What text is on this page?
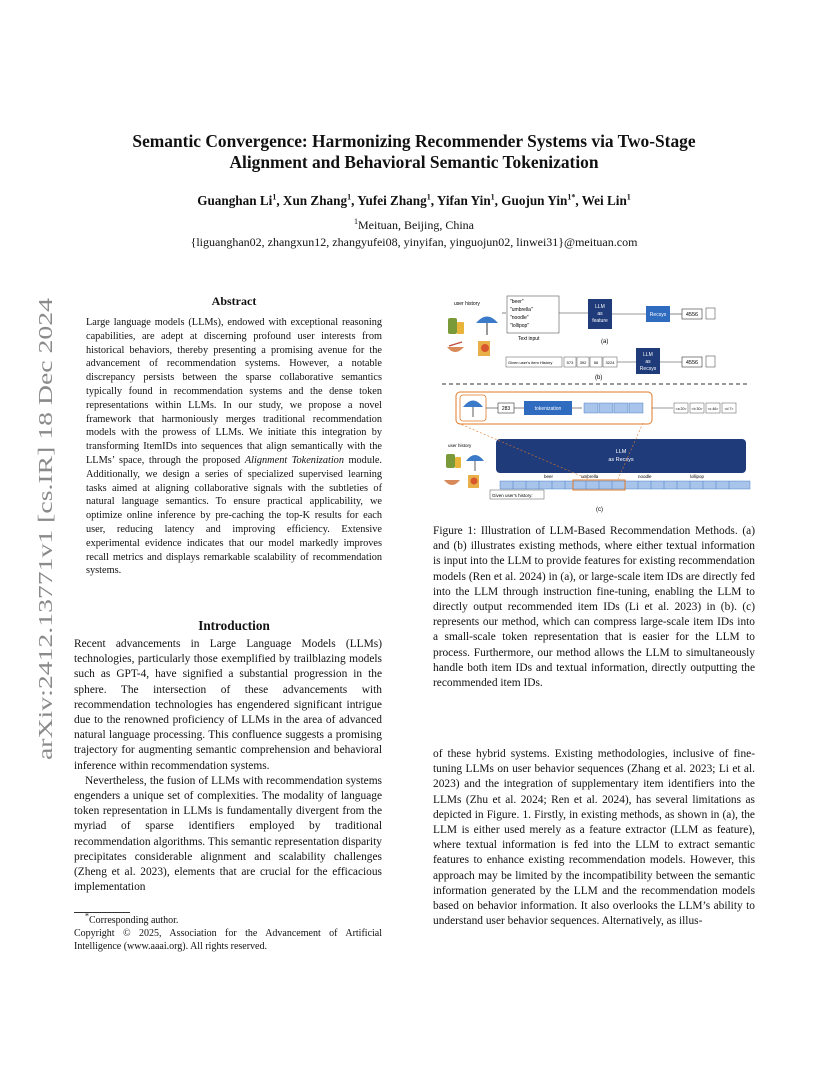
arXiv:2412.13771v1 [cs.IR] 18 Dec 2024
Semantic Convergence: Harmonizing Recommender Systems via Two-Stage
Alignment and Behavioral Semantic Tokenization
Guanghan Li$^1$, Xun Zhang$^1$, Yufei Zhang$^1$, Yifan Yin$^1$, Guojun Yin$^{1*}$, Wei Lin$^1$
$^1$Meituan, Beijing, China
{liguanghan02, zhangxun12, zhangyufei08, yinyifan, yinguojun02, linwei31}@meituan.com
Abstract
Large language models (LLMs), endowed with exceptional reasoning capabilities, are adept at discerning profound user interests from historical behaviors, thereby presenting a promising avenue for the advancement of recommendation systems. However, a notable discrepancy persists between the sparse collaborative semantics typically found in recommendation systems and the dense token representations within LLMs. In our study, we propose a novel framework that harmoniously merges traditional recommendation models with the prowess of LLMs. We initiate this integration by transforming ItemIDs into sequences that align semantically with the LLMs’ space, through the proposed Alignment Tokenization module. Additionally, we design a series of specialized supervised learning tasks aimed at aligning collaborative signals with the subtleties of natural language semantics. To ensure practical applicability, we optimize online inference by pre-caching the top-K results for each user, reducing latency and improving efficiency. Extensive experimental evidence indicates that our model markedly improves recall metrics and displays remarkable scalability of recommendation systems.
Introduction

Recent advancements in Large Language Models (LLMs) technologies, particularly those exemplified by trailblazing models such as GPT-4, have signified a substantial progression in the sphere. The intersection of these advancements with recommendation technologies has engendered significant intrigue due to the renowned proficiency of LLMs in the area of advanced natural language processing. This confluence suggests a promising trajectory for augmenting semantic comprehension and behavioral inference within recommendation systems.

Nevertheless, the fusion of LLMs with recommendation systems engenders a unique set of complexities. The modality of language token representation in LLMs is fundamentally divergent from the myriad of sparse identifiers employed by traditional recommendation algorithms. This semantic representation disparity precipitates considerable alignment and scalability challenges (Zheng et al. 2023), elements that are crucial for the efficacious implementation

*Corresponding author.
Copyright © 2025, Association for the Advancement of Artificial Intelligence (www.aaai.org). All rights reserved.
user history	"beer"
"umbrella"
"noodle"
"lollipop"
Text input
LLM
as
feature
Recsys	4556
(a)
Given user's item History	573 392 56 3224
LLM
as
Recsys
4556
(b)
283	tokenization	<a 20> <b 30> <c 46> <d 7>
user history
LLM
as Recsys
beer	umbrella	noodle	lollipop
Given user's history:
(c)
Figure 1: Illustration of LLM-Based Recommendation Methods. (a) and (b) illustrates existing methods, where either textual information is input into the LLM to provide features for existing recommendation models (Ren et al. 2024) in (a), or large-scale item IDs are directly fed into the LLM through instruction fine-tuning, enabling the LLM to directly output recommended item IDs (Li et al. 2023) in (b). (c) represents our method, which can compress large-scale item IDs into a small-scale token representation that is easier for the LLM to process. Furthermore, our method allows the LLM to simultaneously handle both item IDs and textual information, directly outputting the recommended item IDs.
of these hybrid systems. Existing methodologies, inclusive of fine-tuning LLMs on user behavior sequences (Zhang et al. 2023; Li et al. 2023) and the integration of supplementary item identifiers into the LLMs (Zhu et al. 2024; Ren et al. 2024), has several limitations as depicted in Figure. 1. Firstly, in existing methods, as shown in (a), the LLM is either used merely as a feature extractor (LLM as feature), where textual information is fed into the LLM to extract semantic features to enhance existing recommendation models. However, this approach may be limited by the incompatibility between the semantic information generated by the LLM and the recommendation models based on behavior information. It also overlooks the LLM’s ability to understand user behavior sequences. Alternatively, as illus-
